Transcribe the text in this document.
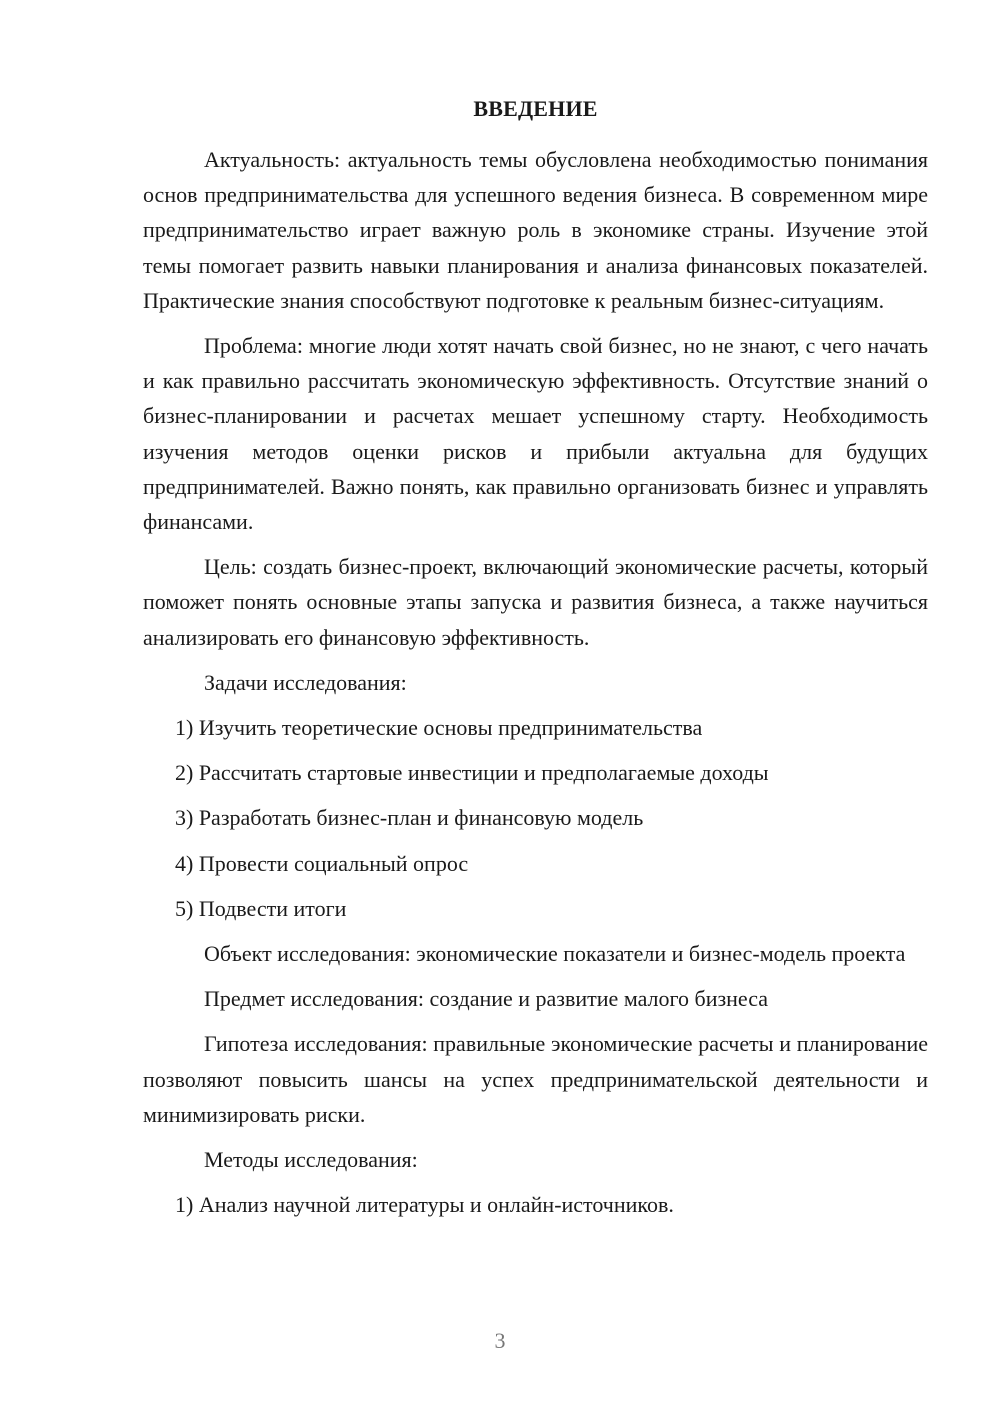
ВВЕДЕНИЕ

Актуальность: актуальность темы обусловлена необходимостью понимания основ предпринимательства для успешного ведения бизнеса. В современном мире предпринимательство играет важную роль в экономике страны. Изучение этой темы помогает развить навыки планирования и анализа финансовых показателей. Практические знания способствуют подготовке к реальным бизнес-ситуациям.

Проблема: многие люди хотят начать свой бизнес, но не знают, с чего начать и как правильно рассчитать экономическую эффективность. Отсутствие знаний о бизнес-планировании и расчетах мешает успешному старту. Необходимость изучения методов оценки рисков и прибыли актуальна для будущих предпринимателей. Важно понять, как правильно организовать бизнес и управлять финансами.

Цель: создать бизнес-проект, включающий экономические расчеты, который поможет понять основные этапы запуска и развития бизнеса, а также научиться анализировать его финансовую эффективность.

Задачи исследования:
1) Изучить теоретические основы предпринимательства
2) Рассчитать стартовые инвестиции и предполагаемые доходы
3) Разработать бизнес-план и финансовую модель
4) Провести социальный опрос
5) Подвести итоги

Объект исследования: экономические показатели и бизнес-модель проекта

Предмет исследования: создание и развитие малого бизнеса

Гипотеза исследования: правильные экономические расчеты и планирование позволяют повысить шансы на успех предпринимательской деятельности и минимизировать риски.

Методы исследования:
1) Анализ научной литературы и онлайн-источников.
3
